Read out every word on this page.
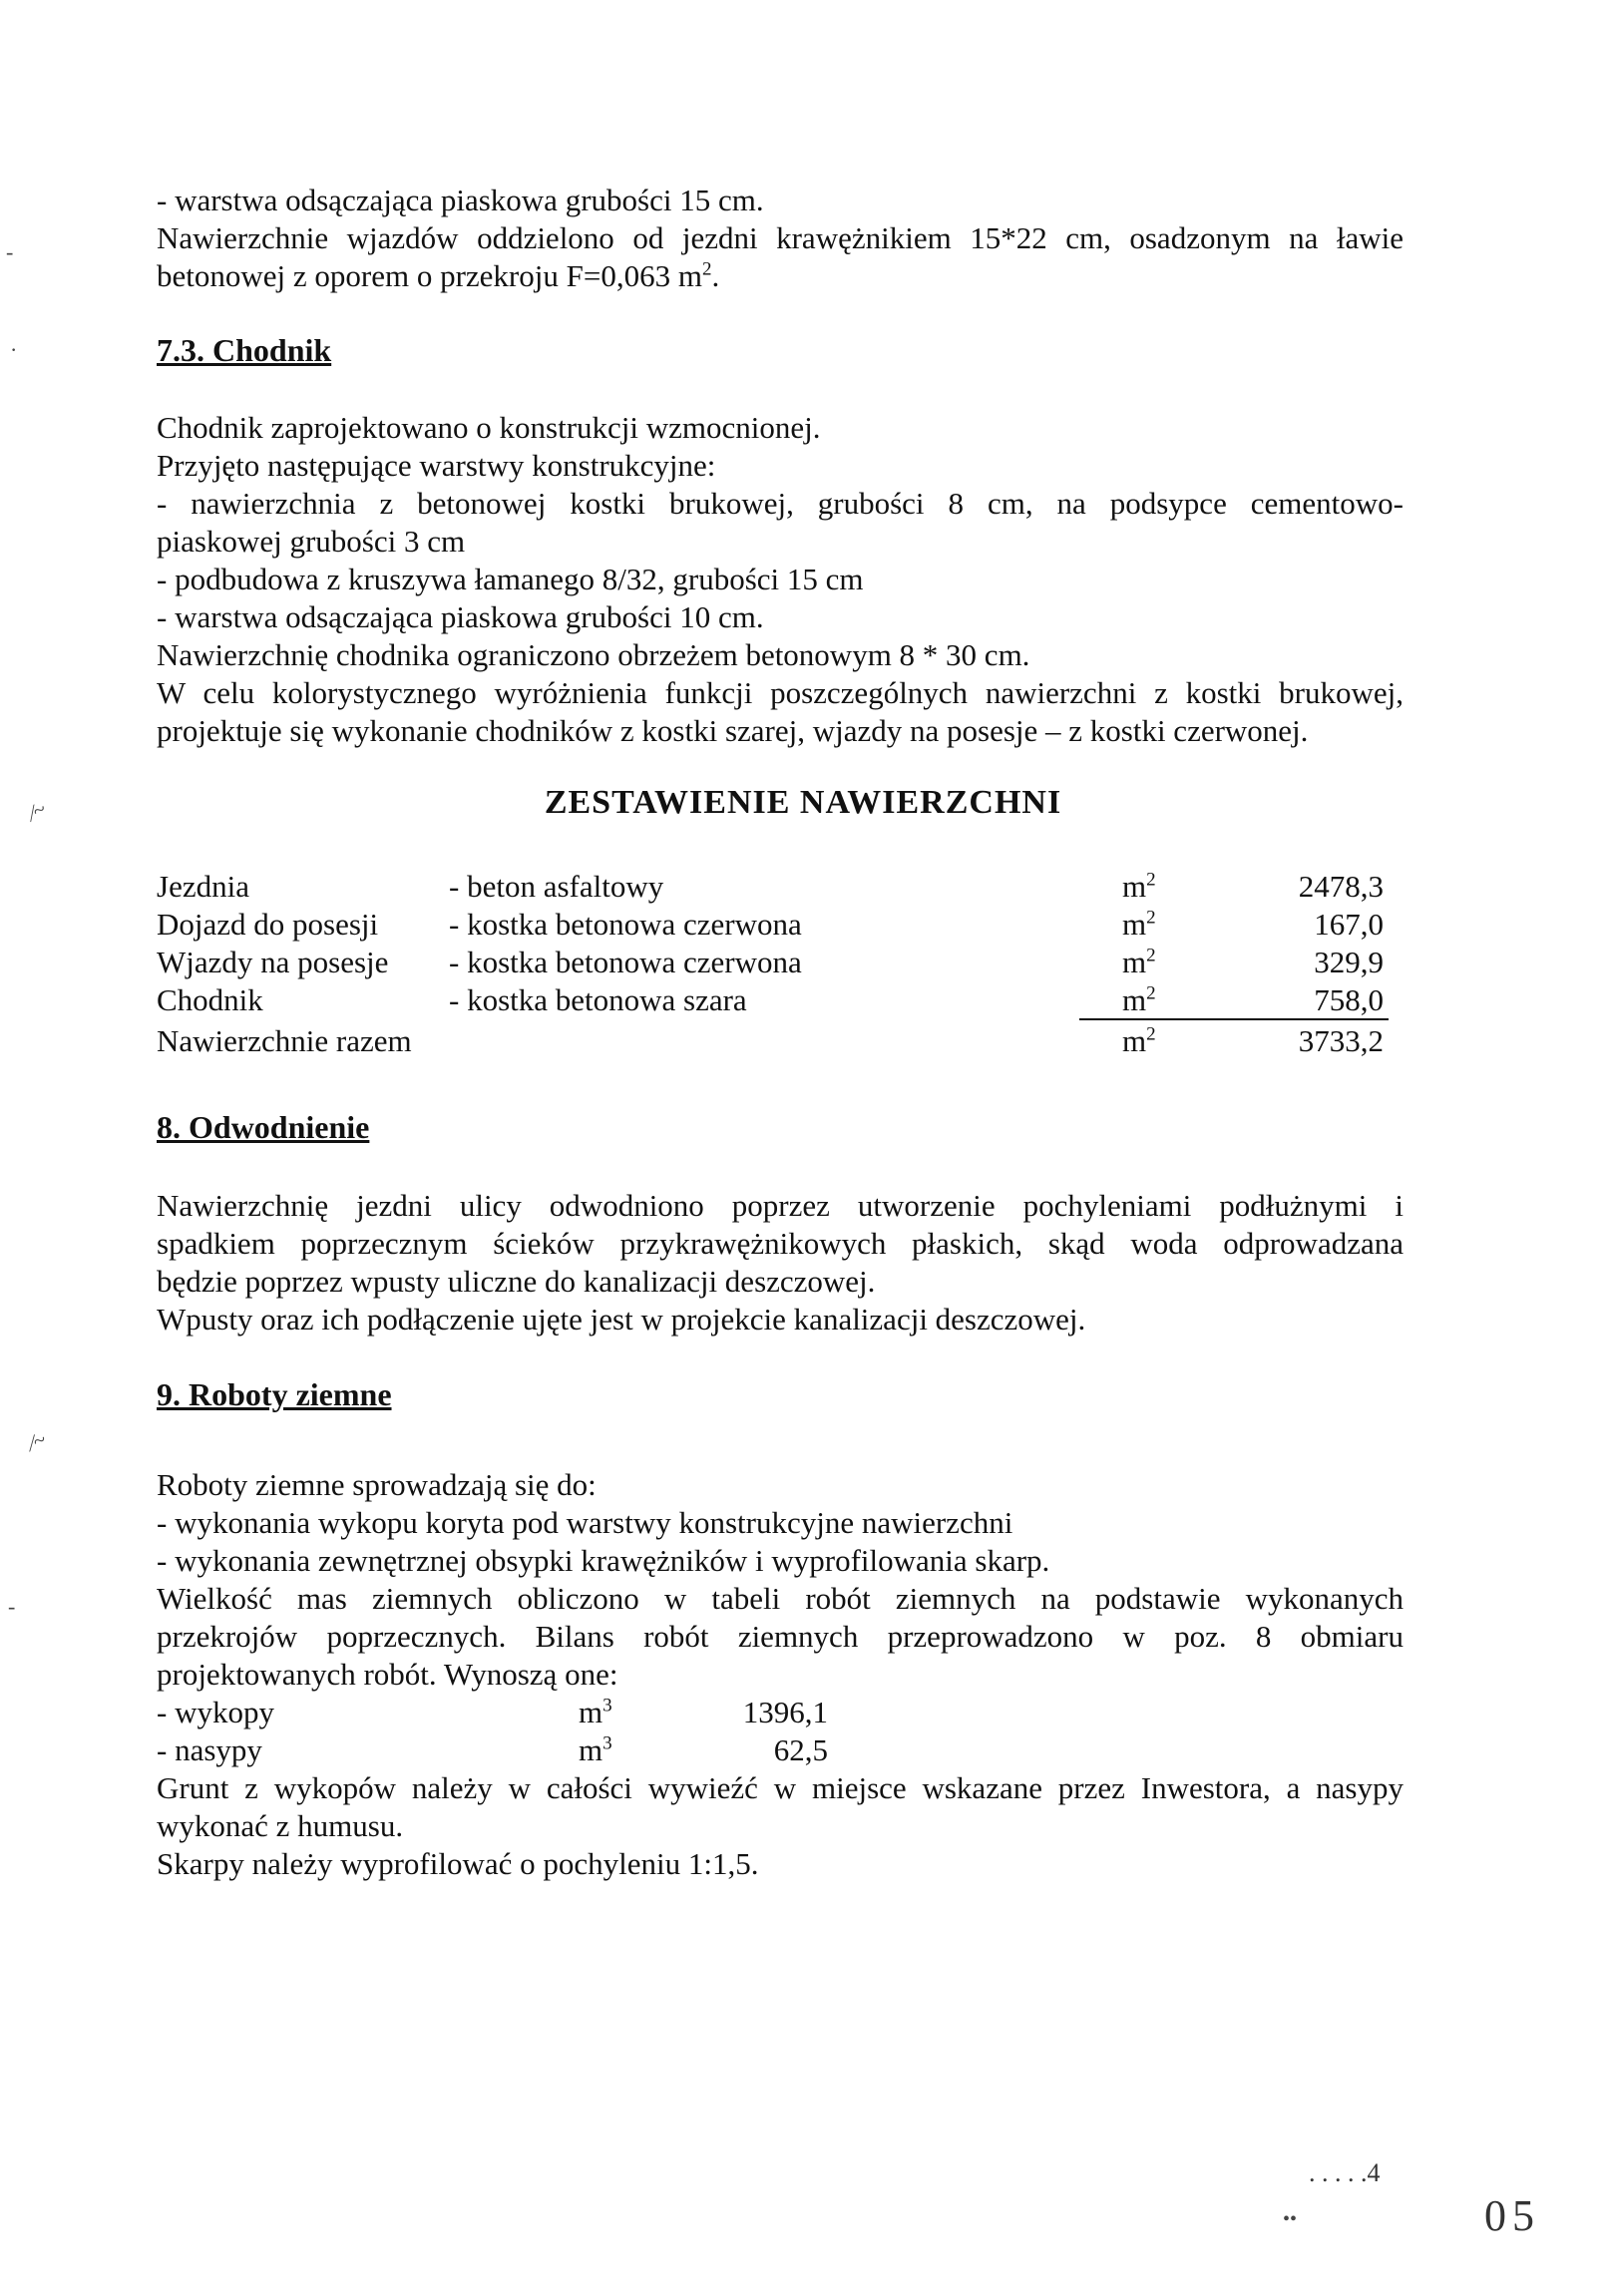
- warstwa odsączająca piaskowa grubości 15 cm.
Nawierzchnie wjazdów oddzielono od jezdni krawężnikiem 15*22 cm, osadzonym na ławie
betonowej z oporem o przekroju F=0,063 $m^2$.
7.3. Chodnik
Chodnik zaprojektowano o konstrukcji wzmocnionej.
Przyjęto następujące warstwy konstrukcyjne:
- nawierzchnia z betonowej kostki brukowej, grubości 8 cm, na podsypce cementowo-
piaskowej grubości 3 cm
- podbudowa z kruszywa łamanego 8/32, grubości 15 cm
- warstwa odsączająca piaskowa grubości 10 cm.
Nawierzchnię chodnika ograniczono obrzeżem betonowym 8 * 30 cm.
W celu kolorystycznego wyróżnienia funkcji poszczególnych nawierzchni z kostki brukowej,
projektuje się wykonanie chodników z kostki szarej, wjazdy na posesje – z kostki czerwonej.
ZESTAWIENIE NAWIERZCHNI
Jezdnia	- beton asfaltowy	$m^2$	2478,3
Dojazd do posesji - kostka betonowa czerwona	$m^2$	167,0
Wjazdy na posesje - kostka betonowa czerwona	$m^2$	329,9
Chodnik	- kostka betonowa szara	$m^2$	758,0
Nawierzchnie razem	$m^2$	3733,2
8. Odwodnienie
Nawierzchnię jezdni ulicy odwodniono poprzez utworzenie pochyleniami podłużnymi i
spadkiem poprzecznym ścieków przykrawężnikowych płaskich, skąd woda odprowadzana
będzie poprzez wpusty uliczne do kanalizacji deszczowej.
Wpusty oraz ich podłączenie ujęte jest w projekcie kanalizacji deszczowej.
9. Roboty ziemne
Roboty ziemne sprowadzają się do:
- wykonania wykopu koryta pod warstwy konstrukcyjne nawierzchni
- wykonania zewnętrznej obsypki krawężników i wyprofilowania skarp.
Wielkość mas ziemnych obliczono w tabeli robót ziemnych na podstawie wykonanych
przekrojów poprzecznych. Bilans robót ziemnych przeprowadzono w poz. 8 obmiaru
projektowanych robót. Wynoszą one:
- wykopy	$m^3$	1396,1
- nasypy	$m^3$	62,5
Grunt z wykopów należy w całości wywieźć w miejsce wskazane przez Inwestora, a nasypy
wykonać z humusu.
Skarpy należy wyprofilować o pochyleniu 1:1,5.
-
·
⁄~
⁄~
-
. . . . .4
••	05
